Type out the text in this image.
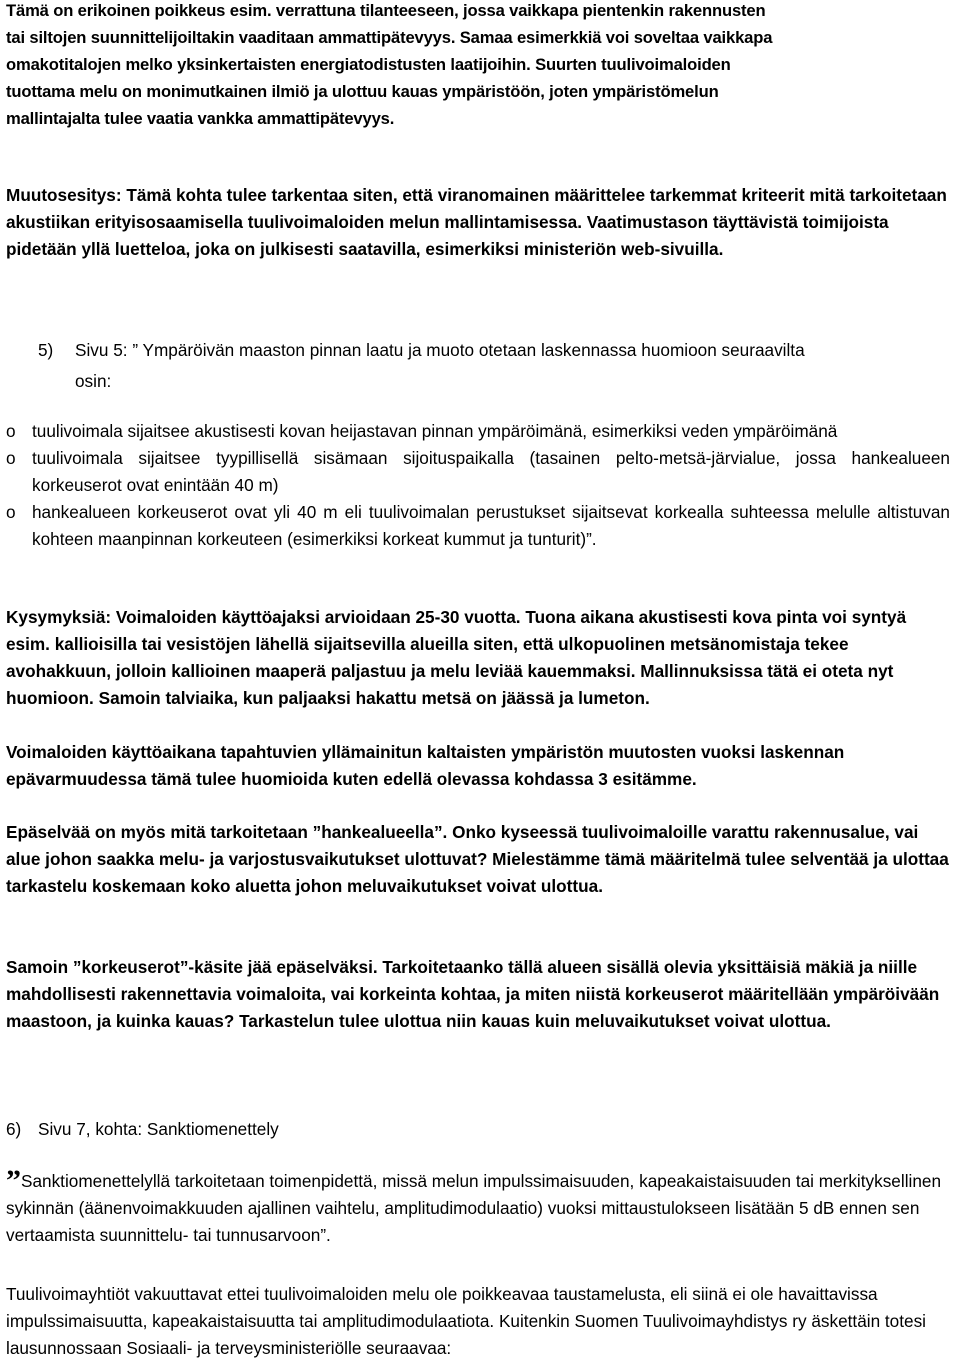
Tämä on erikoinen poikkeus esim. verrattuna tilanteeseen, jossa vaikkapa pientenkin rakennusten
tai siltojen suunnittelijoiltakin vaaditaan ammattipätevyys. Samaa esimerkkiä voi soveltaa vaikkapa
omakotitalojen melko yksinkertaisten energiatodistusten laatijoihin. Suurten tuulivoimaloiden
tuottama melu on monimutkainen ilmiö ja ulottuu kauas ympäristöön, joten ympäristömelun
mallintajalta tulee vaatia vankka ammattipätevyys.

Muutosesitys: Tämä kohta tulee tarkentaa siten, että viranomainen määrittelee tarkemmat kriteerit mitä tarkoitetaan akustiikan erityisosaamisella tuulivoimaloiden melun mallintamisessa. Vaatimustason täyttävistä toimijoista pidetään yllä luetteloa, joka on julkisesti saatavilla, esimerkiksi ministeriön web-sivuilla.

5) Sivu 5: ” Ympäröivän maaston pinnan laatu ja muoto otetaan laskennassa huomioon seuraavilta
osin:
o tuulivoimala sijaitsee akustisesti kovan heijastavan pinnan ympäröimänä, esimerkiksi veden ympäröimänä
o tuulivoimala sijaitsee tyypillisellä sisämaan sijoituspaikalla (tasainen pelto-metsä-järvialue, jossa hankealueen korkeuserot ovat enintään 40 m)
o hankealueen korkeuserot ovat yli 40 m eli tuulivoimalan perustukset sijaitsevat korkealla suhteessa melulle altistuvan kohteen maanpinnan korkeuteen (esimerkiksi korkeat kummut ja tunturit)”.

Kysymyksiä: Voimaloiden käyttöajaksi arvioidaan 25-30 vuotta. Tuona aikana akustisesti kova pinta voi syntyä esim. kallioisilla tai vesistöjen lähellä sijaitsevilla alueilla siten, että ulkopuolinen metsänomistaja tekee avohakkuun, jolloin kallioinen maaperä paljastuu ja melu leviää kauemmaksi. Mallinnuksissa tätä ei oteta nyt huomioon. Samoin talviaika, kun paljaaksi hakattu metsä on jäässä ja lumeton.

Voimaloiden käyttöaikana tapahtuvien yllämainitun kaltaisten ympäristön muutosten vuoksi laskennan epävarmuudessa tämä tulee huomioida kuten edellä olevassa kohdassa 3 esitämme.

Epäselvää on myös mitä tarkoitetaan ”hankealueella”. Onko kyseessä tuulivoimaloille varattu rakennusalue, vai alue johon saakka melu- ja varjostusvaikutukset ulottuvat? Mielestämme tämä määritelmä tulee selventää ja ulottaa tarkastelu koskemaan koko aluetta johon meluvaikutukset voivat ulottua.

Samoin ”korkeuserot”-käsite jää epäselväksi. Tarkoitetaanko tällä alueen sisällä olevia yksittäisiä mäkiä ja niille mahdollisesti rakennettavia voimaloita, vai korkeinta kohtaa, ja miten niistä korkeuserot määritellään ympäröivään maastoon, ja kuinka kauas? Tarkastelun tulee ulottua niin kauas kuin meluvaikutukset voivat ulottua.

6) Sivu 7, kohta: Sanktiomenettely

”Sanktiomenettelyllä tarkoitetaan toimenpidettä, missä melun impulssimaisuuden, kapeakaistaisuuden tai merkityksellinen sykinnän (äänenvoimakkuuden ajallinen vaihtelu, amplitudimodulaatio) vuoksi mittaustulokseen lisätään 5 dB ennen sen vertaamista suunnittelu- tai tunnusarvoon”.

Tuulivoimayhtiöt vakuuttavat ettei tuulivoimaloiden melu ole poikkeavaa taustamelusta, eli siinä ei ole havaittavissa impulssimaisuutta, kapeakaistaisuutta tai amplitudimodulaatiota. Kuitenkin Suomen Tuulivoimayhdistys ry äskettäin totesi lausunnossaan Sosiaali- ja terveysministeriölle seuraavaa:
